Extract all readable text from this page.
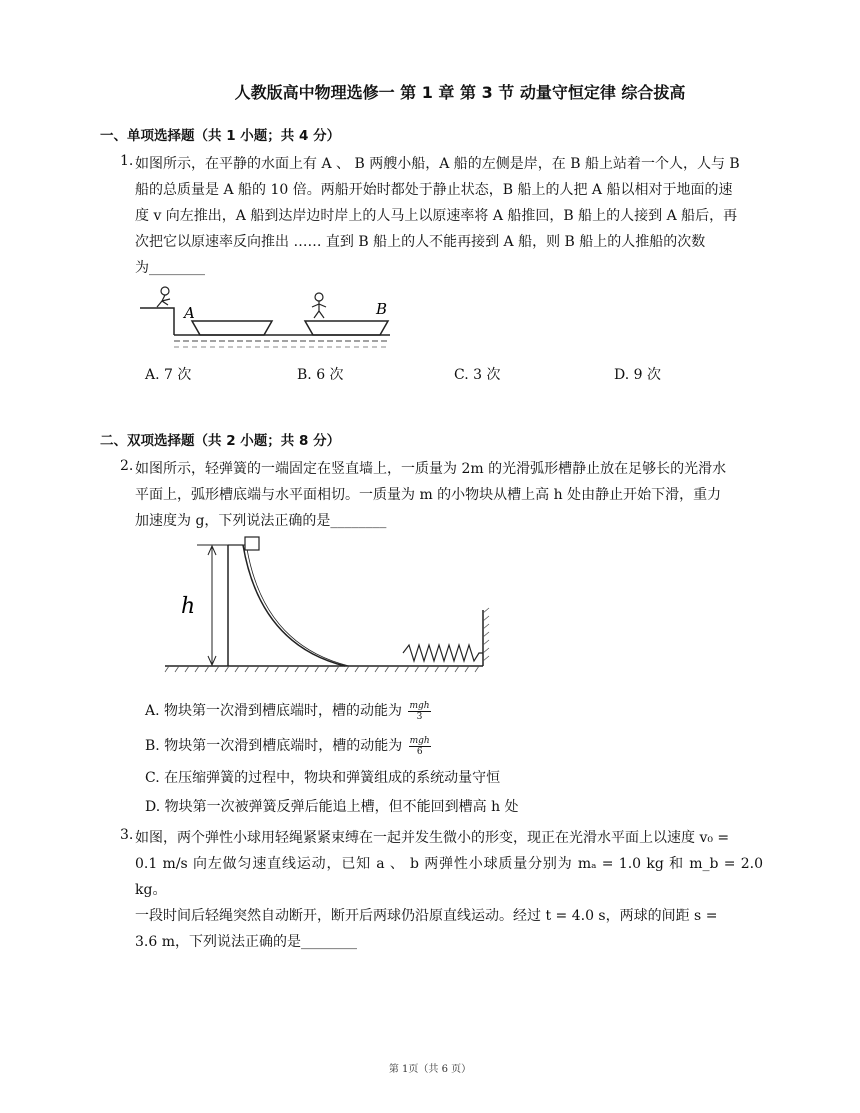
人教版高中物理选修一 第 1 章 第 3 节 动量守恒定律 综合拔高
一、单项选择题（共 1 小题；共 4 分）
1. 如图所示，在平静的水面上有 A 、 B 两艘小船，A 船的左侧是岸，在 B 船上站着一个人，人与 B
船的总质量是 A 船的 10 倍。两船开始时都处于静止状态，B 船上的人把 A 船以相对于地面的速
度 v 向左推出，A 船到达岸边时岸上的人马上以原速率将 A 船推回，B 船上的人接到 A 船后，再
次把它以原速率反向推出 …… 直到 B 船上的人不能再接到 A 船，则 B 船上的人推船的次数
为________
A	B
A. 7 次	B. 6 次	C. 3 次	D. 9 次
二、双项选择题（共 2 小题；共 8 分）
2. 如图所示，轻弹簧的一端固定在竖直墙上，一质量为 2m 的光滑弧形槽静止放在足够长的光滑水
平面上，弧形槽底端与水平面相切。一质量为 m 的小物块从槽上高 h 处由静止开始下滑，重力
加速度为 g，下列说法正确的是________
h
A. 物块第一次滑到槽底端时，槽的动能为 $\frac{\text{mgh}}{3}$
B. 物块第一次滑到槽底端时，槽的动能为 $\frac{\text{mgh}}{6}$
C. 在压缩弹簧的过程中，物块和弹簧组成的系统动量守恒
D. 物块第一次被弹簧反弹后能追上槽，但不能回到槽高 h 处
3. 如图，两个弹性小球用轻绳紧紧束缚在一起并发生微小的形变，现正在光滑水平面上以速度 v₀ =
0.1 m/s 向左做匀速直线运动，已知 a 、 b 两弹性小球质量分别为 mₐ = 1.0 kg 和 m_b = 2.0 kg。
一段时间后轻绳突然自动断开，断开后两球仍沿原直线运动。经过 t = 4.0 s，两球的间距 s =
3.6 m，下列说法正确的是________
第 1页（共 6 页）
